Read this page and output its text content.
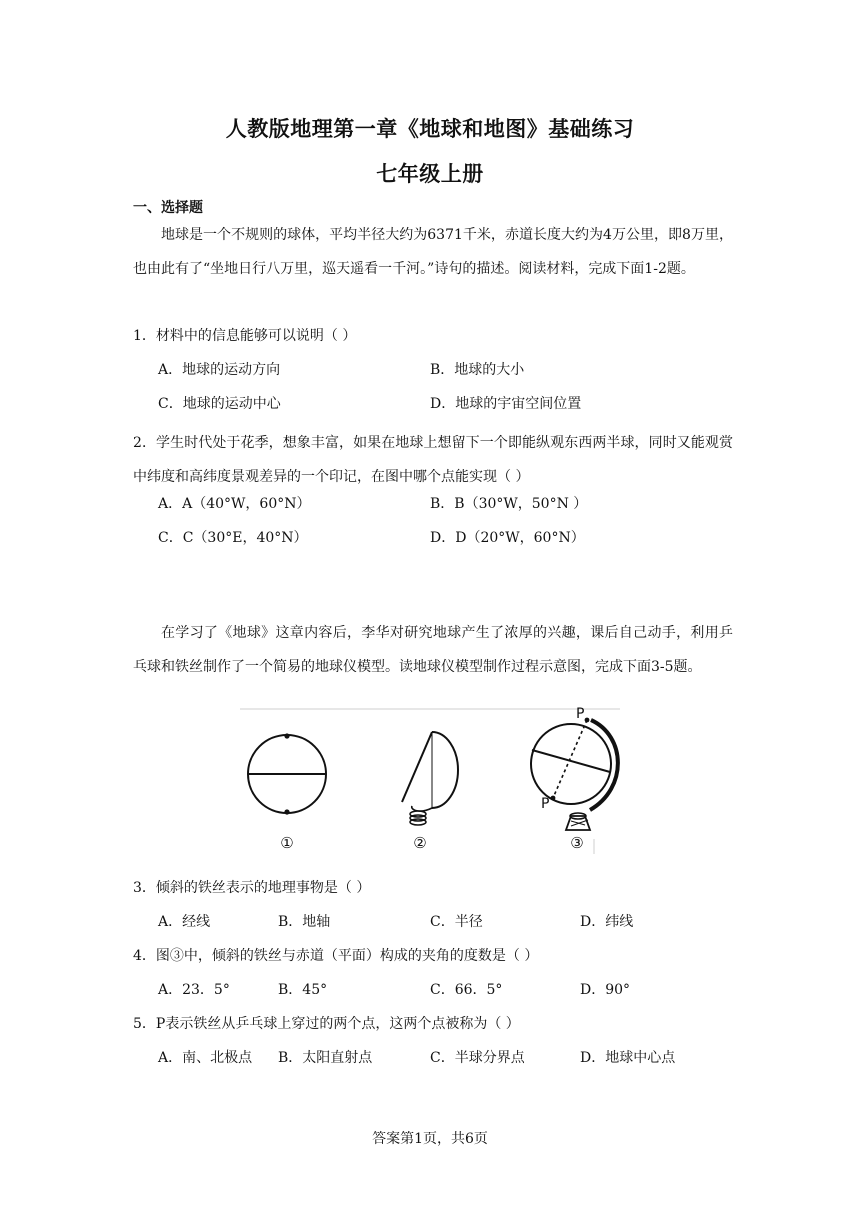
人教版地理第一章《地球和地图》基础练习
七年级上册
一、选择题
地球是一个不规则的球体，平均半径大约为6371千米，赤道长度大约为4万公里，即8万里，也由此有了“坐地日行八万里，巡天遥看一千河。”诗句的描述。阅读材料，完成下面1-2题。
1．材料中的信息能够可以说明（ ）
A．地球的运动方向	B．地球的大小
C．地球的运动中心	D．地球的宇宙空间位置
2．学生时代处于花季，想象丰富，如果在地球上想留下一个即能纵观东西两半球，同时又能观赏中纬度和高纬度景观差异的一个印记，在图中哪个点能实现（ ）
A．A（40°W，60°N）	B．B（30°W，50°N ）
C．C（30°E，40°N）	D．D（20°W，60°N）
在学习了《地球》这章内容后，李华对研究地球产生了浓厚的兴趣，课后自己动手，利用乒乓球和铁丝制作了一个简易的地球仪模型。读地球仪模型制作过程示意图，完成下面3-5题。
P
P
①	②	③
3．倾斜的铁丝表示的地理事物是（ ）
A．经线	B．地轴	C．半径	D．纬线
4．图③中，倾斜的铁丝与赤道（平面）构成的夹角的度数是（ ）
A．23．5°	B．45°	C．66．5°	D．90°
5．P表示铁丝从乒乓球上穿过的两个点，这两个点被称为（ ）
A．南、北极点 B．太阳直射点	C．半球分界点	D．地球中心点
答案第1页，共6页
